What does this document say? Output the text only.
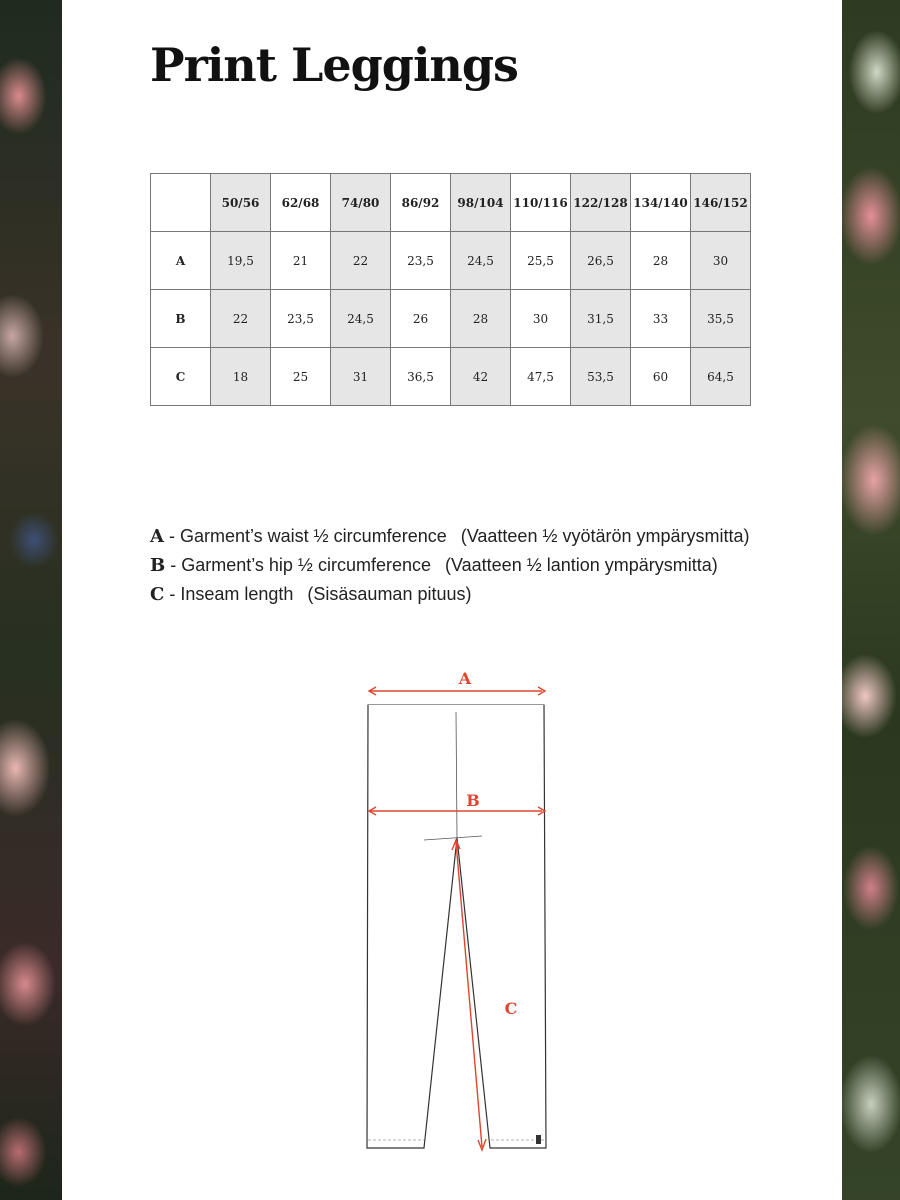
Print Leggings
	50/56	62/68	74/80	86/92	98/104	110/116	122/128	134/140	146/152
A	19,5	21	22	23,5	24,5	25,5	26,5	28	30
B	22	23,5	24,5	26	28	30	31,5	33	35,5
C	18	25	31	36,5	42	47,5	53,5	60	64,5
A - Garment’s waist ½ circumference (Vaatteen ½ vyötärön ympärysmitta)
B - Garment’s hip ½ circumference (Vaatteen ½ lantion ympärysmitta)
C - Inseam length (Sisäsauman pituus)
A
B
C
